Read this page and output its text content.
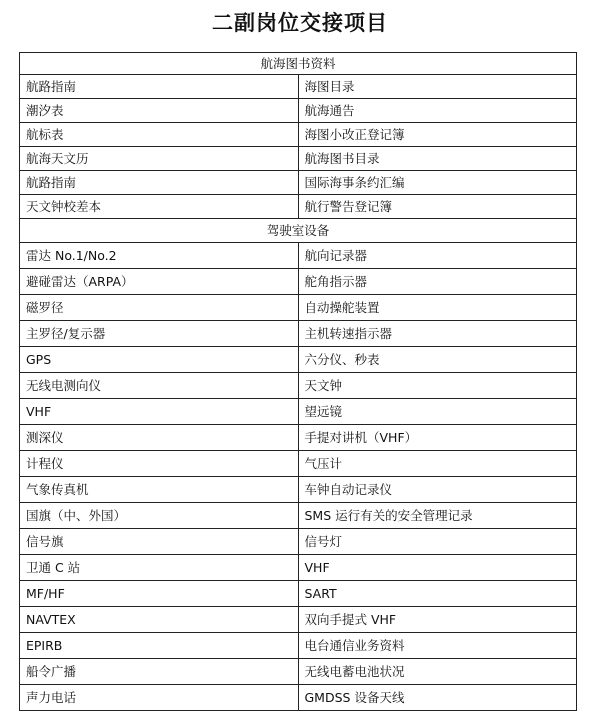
二副岗位交接项目
航海图书资料	
航路指南	海图目录
潮汐表	航海通告
航标表	海图小改正登记簿
航海天文历	航海图书目录
航路指南	国际海事条约汇编
天文钟校差本	航行警告登记簿
驾驶室设备	
雷达 No.1/No.2	航向记录器
避碰雷达（ARPA）	舵角指示器
磁罗径	自动操舵装置
主罗径/复示器	主机转速指示器
GPS	六分仪、秒表
无线电测向仪	天文钟
VHF	望远镜
测深仪	手提对讲机（VHF）
计程仪	气压计
气象传真机	车钟自动记录仪
国旗（中、外国）	SMS 运行有关的安全管理记录
信号旗	信号灯
卫通 C 站	VHF
MF/HF	SART
NAVTEX	双向手提式 VHF
EPIRB	电台通信业务资料
船令广播	无线电蓄电池状况
声力电话	GMDSS 设备天线
